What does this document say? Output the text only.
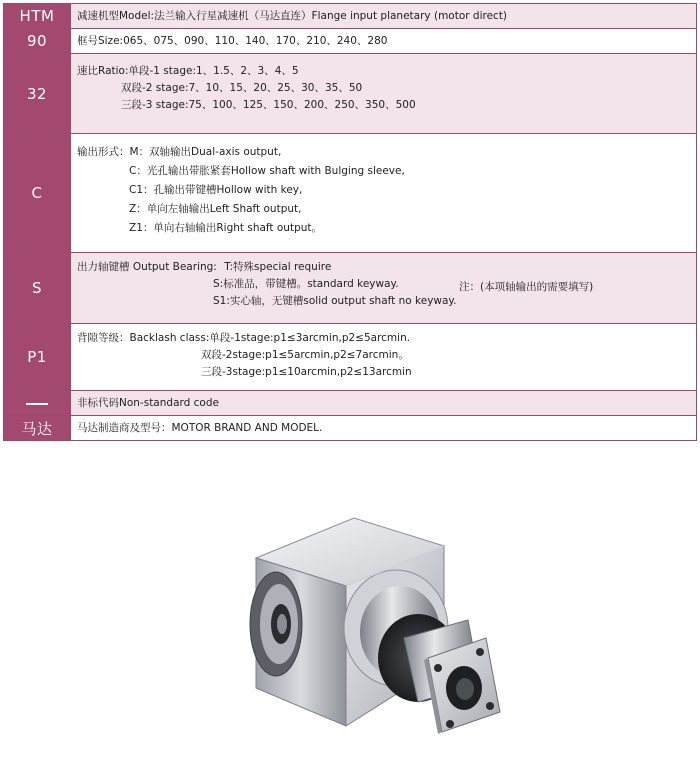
HTM	减速机型Model:法兰输入行星减速机（马达直连）Flange input planetary (motor direct)
90	框号Size:065、075、090、110、140、170、210、240、280
32	速比Ratio:单段-1 stage:1、1.5、2、3、4、5
双段-2 stage:7、10、15、20、25、30、35、50
三段-3 stage:75、100、125、150、200、250、350、500

C	输出形式：M：双轴输出Dual-axis output,
C：光孔输出带胀紧套Hollow shaft with Bulging sleeve,
C1：孔输出带键槽Hollow with key,
Z：单向左轴输出Left Shaft output,
Z1：单向右轴输出Right shaft output。

S	出力轴键槽 Output Bearing: T:特殊special require
S:标准品，带键槽。standard keyway.
S1:实心轴，无键槽solid output shaft no keyway.
注：(本项轴输出的需要填写)

P1	背隙等级：Backlash class:单段-1stage:p1≤3arcmin,p2≤5arcmin.
双段-2stage:p1≤5arcmin,p2≤7arcmin。
三段-3stage:p1≤10arcmin,p2≤13arcmin

	非标代码Non-standard code
马达	马达制造商及型号：MOTOR BRAND AND MODEL.
